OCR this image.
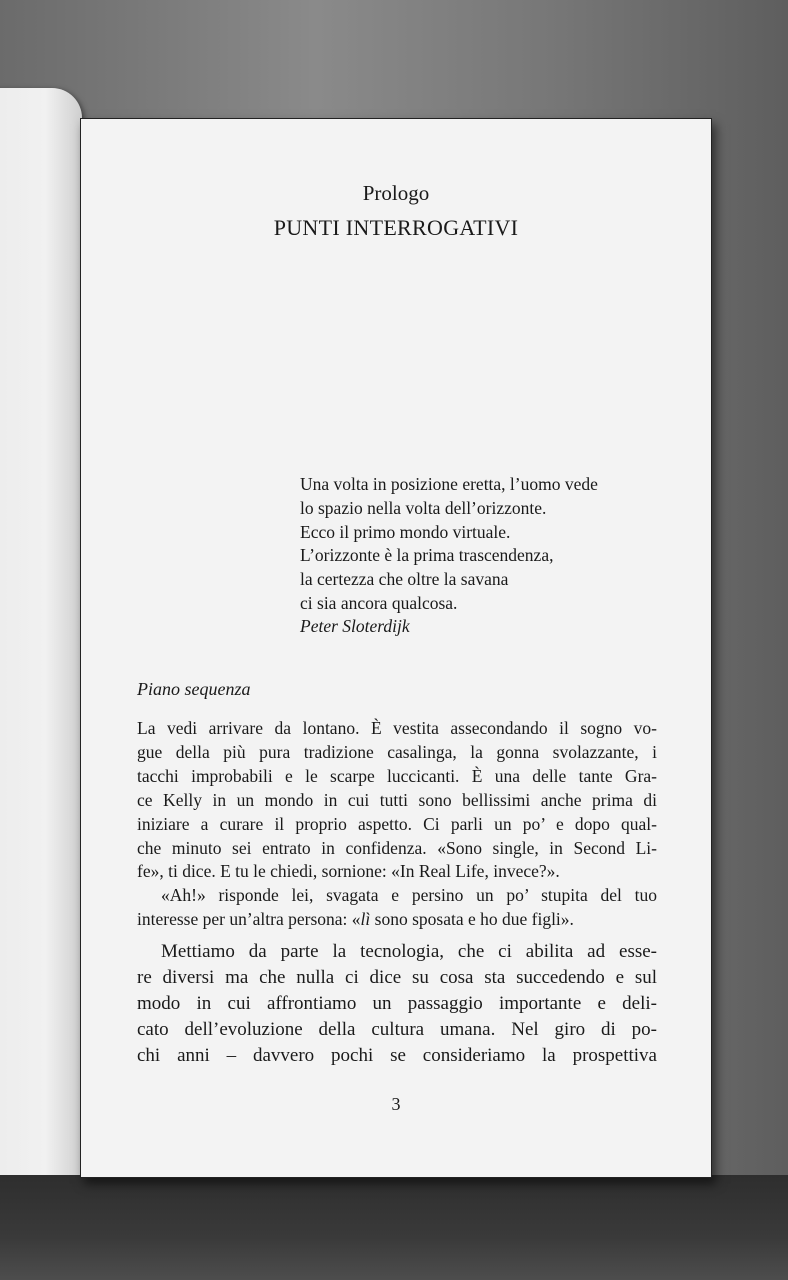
Prologo
PUNTI INTERROGATIVI
Una volta in posizione eretta, l’uomo vede
lo spazio nella volta dell’orizzonte.
Ecco il primo mondo virtuale.
L’orizzonte è la prima trascendenza,
la certezza che oltre la savana
ci sia ancora qualcosa.
Peter Sloterdijk
Piano sequenza
La vedi arrivare da lontano. È vestita assecondando il sogno vo-
gue della più pura tradizione casalinga, la gonna svolazzante, i
tacchi improbabili e le scarpe luccicanti. È una delle tante Gra-
ce Kelly in un mondo in cui tutti sono bellissimi anche prima di
iniziare a curare il proprio aspetto. Ci parli un po’ e dopo qual-
che minuto sei entrato in confidenza. «Sono single, in Second Li-
fe», ti dice. E tu le chiedi, sornione: «In Real Life, invece?».
«Ah!» risponde lei, svagata e persino un po’ stupita del tuo
interesse per un’altra persona: «lì sono sposata e ho due figli».
Mettiamo da parte la tecnologia, che ci abilita ad esse-
re diversi ma che nulla ci dice su cosa sta succedendo e sul
modo in cui affrontiamo un passaggio importante e deli-
cato dell’evoluzione della cultura umana. Nel giro di po-
chi anni – davvero pochi se consideriamo la prospettiva
3
